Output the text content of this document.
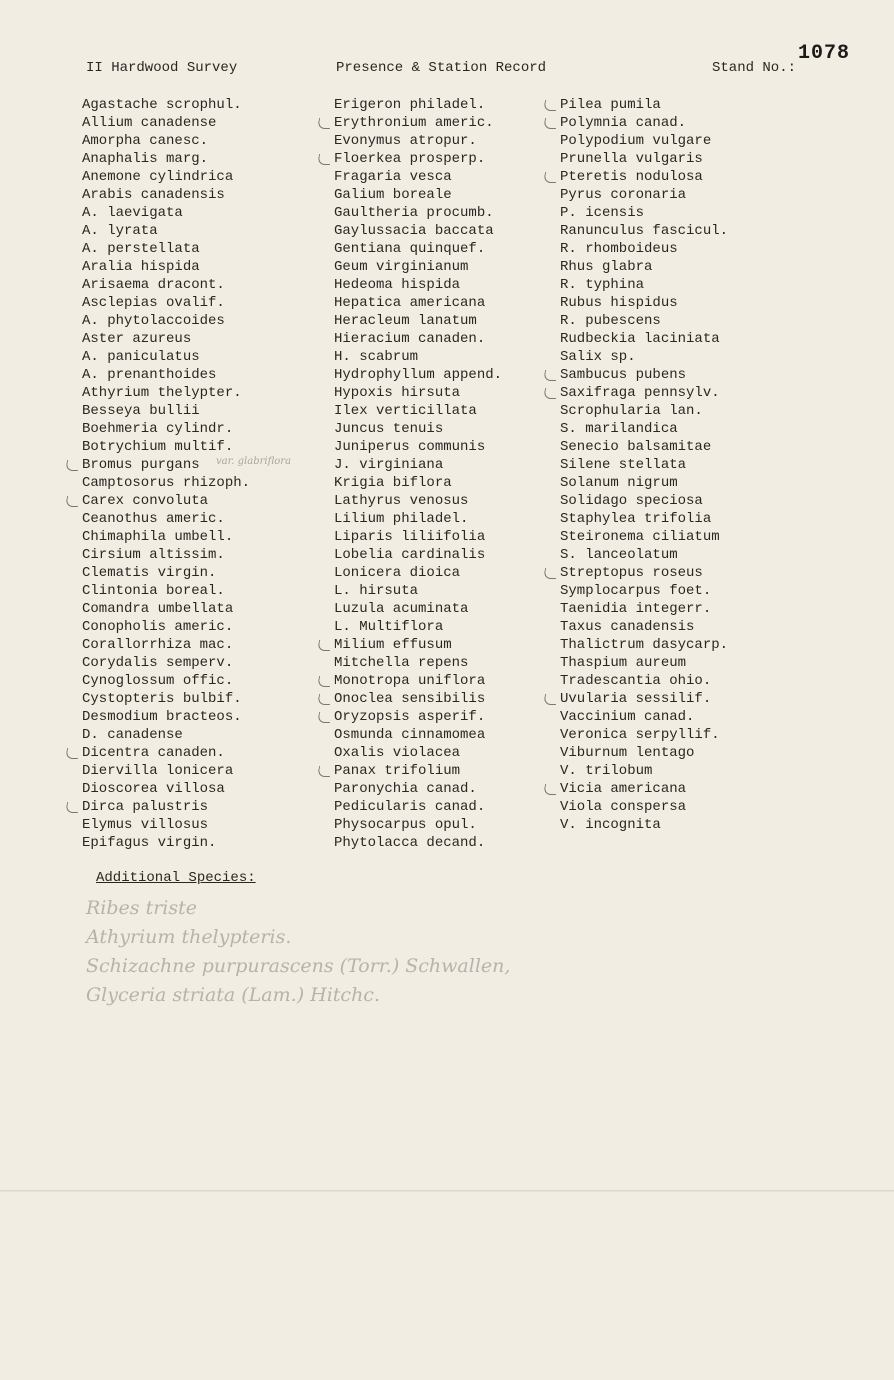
II Hardwood Survey	Presence & Station Record	Stand No.:
1078
Agastache scrophul.
Allium canadense
Amorpha canesc.
Anaphalis marg.
Anemone cylindrica
Arabis canadensis
A. laevigata
A. lyrata
A. perstellata
Aralia hispida
Arisaema dracont.
Asclepias ovalif.
A. phytolaccoides
Aster azureus
A. paniculatus
A. prenanthoides
Athyrium thelypter.
Besseya bullii
Boehmeria cylindr.
Botrychium multif.
Bromus purgans
Camptosorus rhizoph.
Carex convoluta
Ceanothus americ.
Chimaphila umbell.
Cirsium altissim.
Clematis virgin.
Clintonia boreal.
Comandra umbellata
Conopholis americ.
Corallorrhiza mac.
Corydalis semperv.
Cynoglossum offic.
Cystopteris bulbif.
Desmodium bracteos.
D. canadense
Dicentra canaden.
Diervilla lonicera
Dioscorea villosa
Dirca palustris
Elymus villosus
Epifagus virgin.
Erigeron philadel.
Erythronium americ.
Evonymus atropur.
Floerkea prosperp.
Fragaria vesca
Galium boreale
Gaultheria procumb.
Gaylussacia baccata
Gentiana quinquef.
Geum virginianum
Hedeoma hispida
Hepatica americana
Heracleum lanatum
Hieracium canaden.
H. scabrum
Hydrophyllum append.
Hypoxis hirsuta
Ilex verticillata
Juncus tenuis
Juniperus communis
J. virginiana
Krigia biflora
Lathyrus venosus
Lilium philadel.
Liparis liliifolia
Lobelia cardinalis
Lonicera dioica
L. hirsuta
Luzula acuminata
L. Multiflora
Milium effusum
Mitchella repens
Monotropa uniflora
Onoclea sensibilis
Oryzopsis asperif.
Osmunda cinnamomea
Oxalis violacea
Panax trifolium
Paronychia canad.
Pedicularis canad.
Physocarpus opul.
Phytolacca decand.
Pilea pumila
Polymnia canad.
Polypodium vulgare
Prunella vulgaris
Pteretis nodulosa
Pyrus coronaria
P. icensis
Ranunculus fascicul.
R. rhomboideus
Rhus glabra
R. typhina
Rubus hispidus
R. pubescens
Rudbeckia laciniata
Salix sp.
Sambucus pubens
Saxifraga pennsylv.
Scrophularia lan.
S. marilandica
Senecio balsamitae
Silene stellata
Solanum nigrum
Solidago speciosa
Staphylea trifolia
Steironema ciliatum
S. lanceolatum
Streptopus roseus
Symplocarpus foet.
Taenidia integerr.
Taxus canadensis
Thalictrum dasycarp.
Thaspium aureum
Tradescantia ohio.
Uvularia sessilif.
Vaccinium canad.
Veronica serpyllif.
Viburnum lentago
V. trilobum
Vicia americana
Viola conspersa
V. incognita
var. glabriflora
Additional Species:
Ribes triste
Athyrium thelypteris.
Schizachne purpurascens (Torr.) Schwallen,
Glyceria striata (Lam.) Hitchc.
